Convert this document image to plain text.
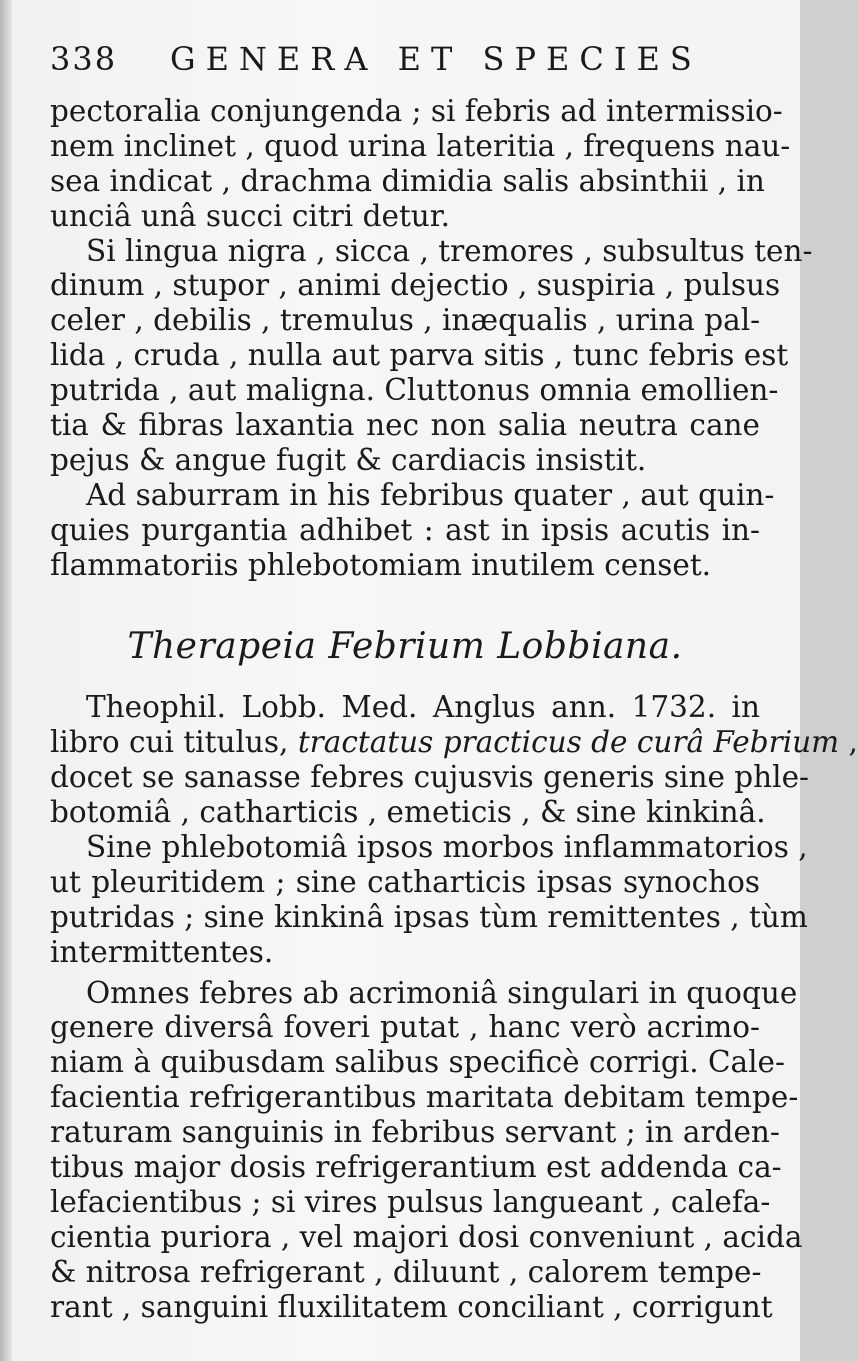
338	GENERA ET SPECIES
pectoralia conjungenda ; si febris ad intermissio-
nem inclinet , quod urina lateritia , frequens nau-
sea indicat , drachma dimidia salis absinthii , in
unciâ unâ succi citri detur.
Si lingua nigra , sicca , tremores , subsultus ten-
dinum , stupor , animi dejectio , suspiria , pulsus
celer , debilis , tremulus , inæqualis , urina pal-
lida , cruda , nulla aut parva sitis , tunc febris est
putrida , aut maligna. Cluttonus omnia emollien-
tia & fibras laxantia nec non salia neutra cane
pejus & angue fugit & cardiacis insistit.
Ad saburram in his febribus quater , aut quin-
quies purgantia adhibet : ast in ipsis acutis in-
flammatoriis phlebotomiam inutilem censet.
Therapeia Febrium Lobbiana.
Theophil. Lobb. Med. Anglus ann. 1732. in
libro cui titulus, tractatus practicus de curâ Febrium ,
docet se sanasse febres cujusvis generis sine phle-
botomiâ , catharticis , emeticis , & sine kinkinâ.
Sine phlebotomiâ ipsos morbos inflammatorios ,
ut pleuritidem ; sine catharticis ipsas synochos
putridas ; sine kinkinâ ipsas tùm remittentes , tùm
intermittentes.
Omnes febres ab acrimoniâ singulari in quoque
genere diversâ foveri putat , hanc verò acrimo-
niam à quibusdam salibus specificè corrigi. Cale-
facientia refrigerantibus maritata debitam tempe-
raturam sanguinis in febribus servant ; in arden-
tibus major dosis refrigerantium est addenda ca-
lefacientibus ; si vires pulsus langueant , calefa-
cientia puriora , vel majori dosi conveniunt , acida
& nitrosa refrigerant , diluunt , calorem tempe-
rant , sanguini fluxilitatem conciliant , corrigunt
